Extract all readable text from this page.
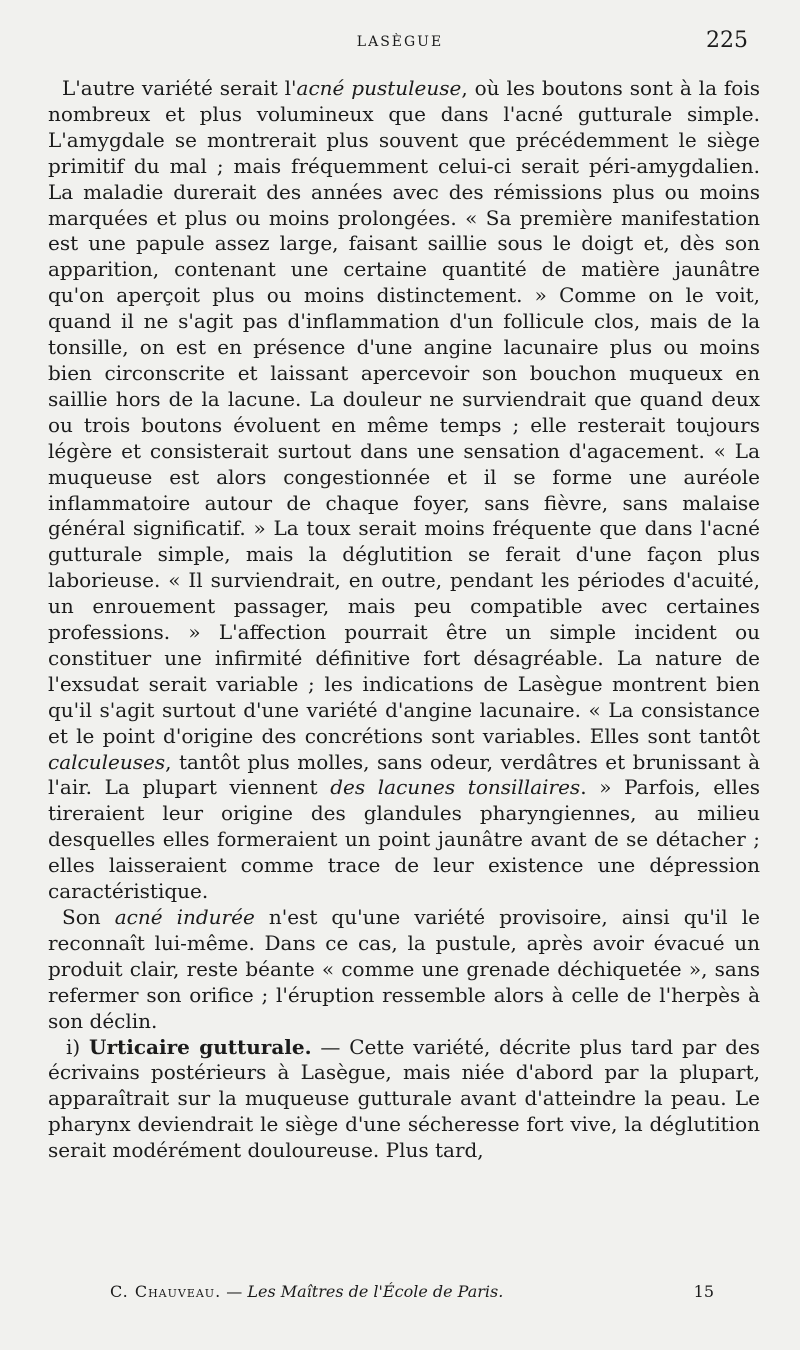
LASÈGUE	225

L'autre variété serait l'acné pustuleuse, où les boutons sont à la fois nombreux et plus volumineux que dans l'acné gutturale simple. L'amygdale se montrerait plus souvent que précédemment le siège primitif du mal ; mais fréquemment celui-ci serait péri-amygdalien. La maladie durerait des années avec des rémissions plus ou moins marquées et plus ou moins prolongées. « Sa première manifestation est une papule assez large, faisant saillie sous le doigt et, dès son apparition, contenant une certaine quantité de matière jaunâtre qu'on aperçoit plus ou moins distinctement. » Comme on le voit, quand il ne s'agit pas d'inflammation d'un follicule clos, mais de la tonsille, on est en présence d'une angine lacunaire plus ou moins bien circonscrite et laissant apercevoir son bouchon muqueux en saillie hors de la lacune. La douleur ne surviendrait que quand deux ou trois boutons évoluent en même temps ; elle resterait toujours légère et consisterait surtout dans une sensation d'agacement. « La muqueuse est alors congestionnée et il se forme une auréole inflammatoire autour de chaque foyer, sans fièvre, sans malaise général significatif. » La toux serait moins fréquente que dans l'acné gutturale simple, mais la déglutition se ferait d'une façon plus laborieuse. « Il surviendrait, en outre, pendant les périodes d'acuité, un enrouement passager, mais peu compatible avec certaines professions. » L'affection pourrait être un simple incident ou constituer une infirmité définitive fort désagréable. La nature de l'exsudat serait variable ; les indications de Lasègue montrent bien qu'il s'agit surtout d'une variété d'angine lacunaire. « La consistance et le point d'origine des concrétions sont variables. Elles sont tantôt calculeuses, tantôt plus molles, sans odeur, verdâtres et brunissant à l'air. La plupart viennent des lacunes tonsillaires. » Parfois, elles tireraient leur origine des glandules pharyngiennes, au milieu desquelles elles formeraient un point jaunâtre avant de se détacher ; elles laisseraient comme trace de leur existence une dépression caractéristique.

Son acné indurée n'est qu'une variété provisoire, ainsi qu'il le reconnaît lui-même. Dans ce cas, la pustule, après avoir évacué un produit clair, reste béante « comme une grenade déchiquetée », sans refermer son orifice ; l'éruption ressemble alors à celle de l'herpès à son déclin.

i) Urticaire gutturale. — Cette variété, décrite plus tard par des écrivains postérieurs à Lasègue, mais niée d'abord par la plupart, apparaîtrait sur la muqueuse gutturale avant d'atteindre la peau. Le pharynx deviendrait le siège d'une sécheresse fort vive, la déglutition serait modérément douloureuse. Plus tard,

C. Chauveau. — Les Maîtres de l'École de Paris.	15
